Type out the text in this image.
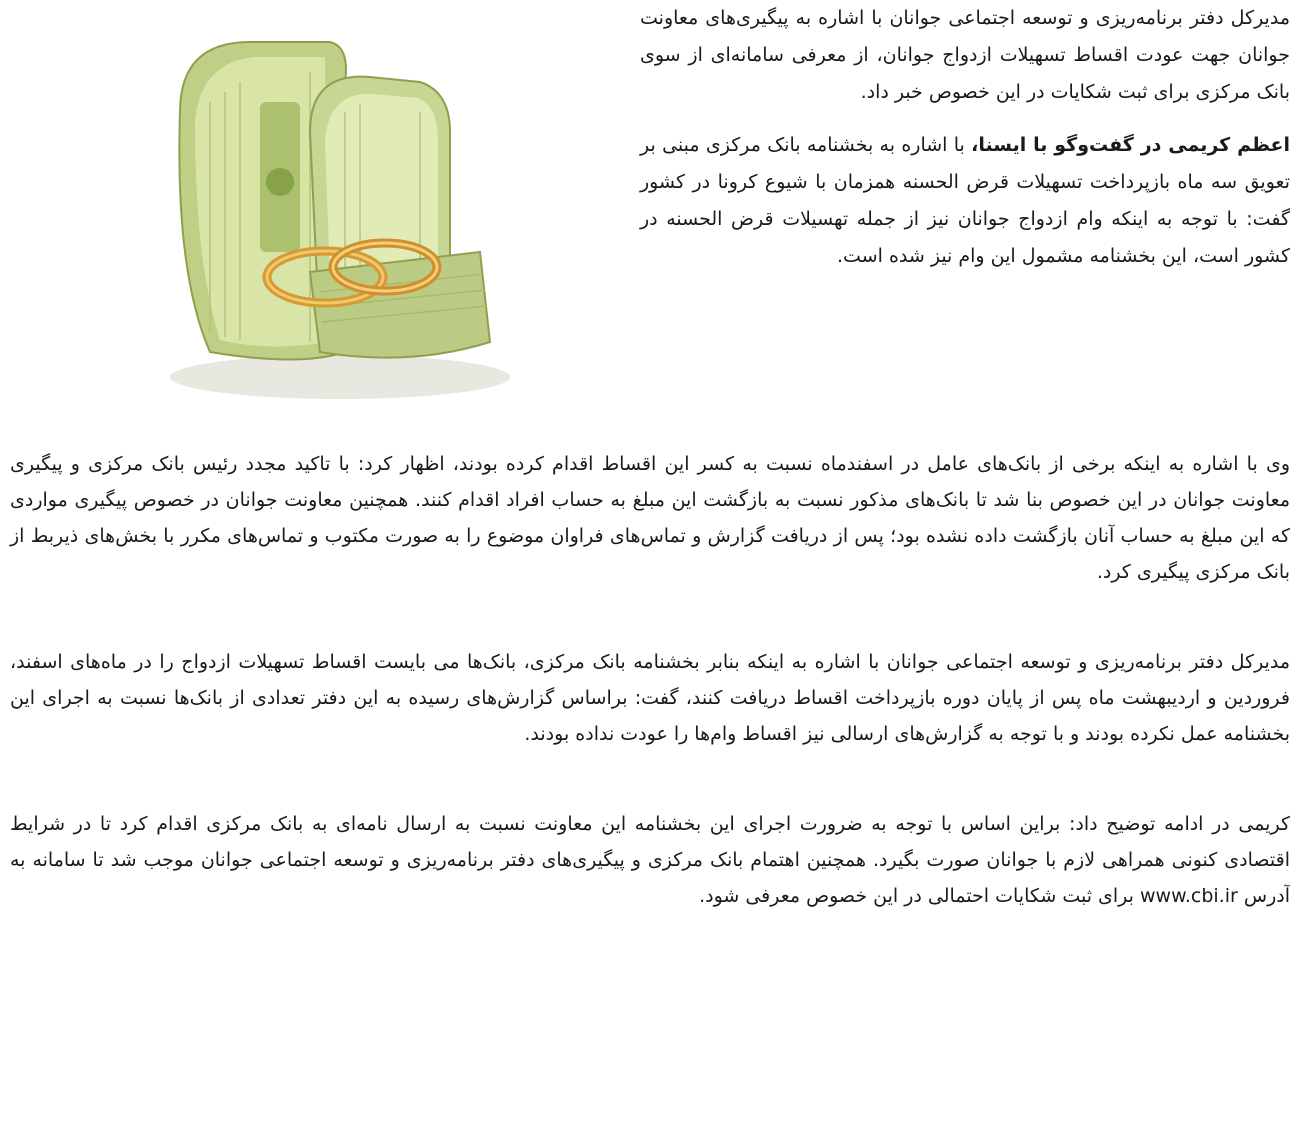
مدیرکل دفتر برنامه‌ریزی و توسعه اجتماعی جوانان با اشاره به پیگیری‌های معاونت جوانان جهت عودت اقساط تسهیلات ازدواج جوانان، از معرفی سامانه‌ای از سوی بانک مرکزی برای ثبت شکایات در این خصوص خبر داد.

اعظم کریمی در گفت‌وگو با ایسنا، با اشاره به بخشنامه بانک مرکزی مبنی بر تعویق سه ماه بازپرداخت تسهیلات قرض الحسنه همزمان با شیوع کرونا در کشور گفت: با توجه به اینکه وام ازدواج جوانان نیز از جمله تهسیلات قرض الحسنه در کشور است، این بخشنامه مشمول این وام نیز شده است.

وی با اشاره به اینکه برخی از بانک‌های عامل در اسفندماه نسبت به کسر این اقساط اقدام کرده بودند، اظهار کرد: با تاکید مجدد رئیس بانک مرکزی و پیگیری معاونت جوانان در این خصوص بنا شد تا بانک‌های مذکور نسبت به بازگشت این مبلغ به حساب افراد اقدام کنند. همچنین معاونت جوانان در خصوص پیگیری مواردی که این مبلغ به حساب آنان بازگشت داده نشده بود؛ پس از دریافت گزارش و تماس‌های فراوان موضوع را به صورت مکتوب و تماس‌های مکرر با بخش‌های ذیربط از بانک مرکزی پیگیری کرد.

مدیرکل دفتر برنامه‌ریزی و توسعه اجتماعی جوانان با اشاره به اینکه بنابر بخشنامه بانک مرکزی، بانک‌ها می بایست اقساط تسهیلات ازدواج را در ماه‌های اسفند، فروردین و اردیبهشت ماه پس از پایان دوره بازپرداخت اقساط دریافت کنند، گفت: براساس گزارش‌های رسیده به این دفتر تعدادی از بانک‌ها نسبت به اجرای این بخشنامه عمل نکرده بودند و با توجه به گزارش‌های ارسالی نیز اقساط وام‌ها را عودت نداده بودند.

کریمی در ادامه توضیح داد: براین اساس با توجه به ضرورت اجرای این بخشنامه این معاونت نسبت به ارسال نامه‌ای به بانک مرکزی اقدام کرد تا در شرایط اقتصادی کنونی همراهی لازم با جوانان صورت بگیرد. همچنین اهتمام بانک مرکزی و پیگیری‌های دفتر برنامه‌ریزی و توسعه اجتماعی جوانان موجب شد تا سامانه به آدرس www.cbi.ir برای ثبت شکایات احتمالی در این خصوص معرفی شود.
